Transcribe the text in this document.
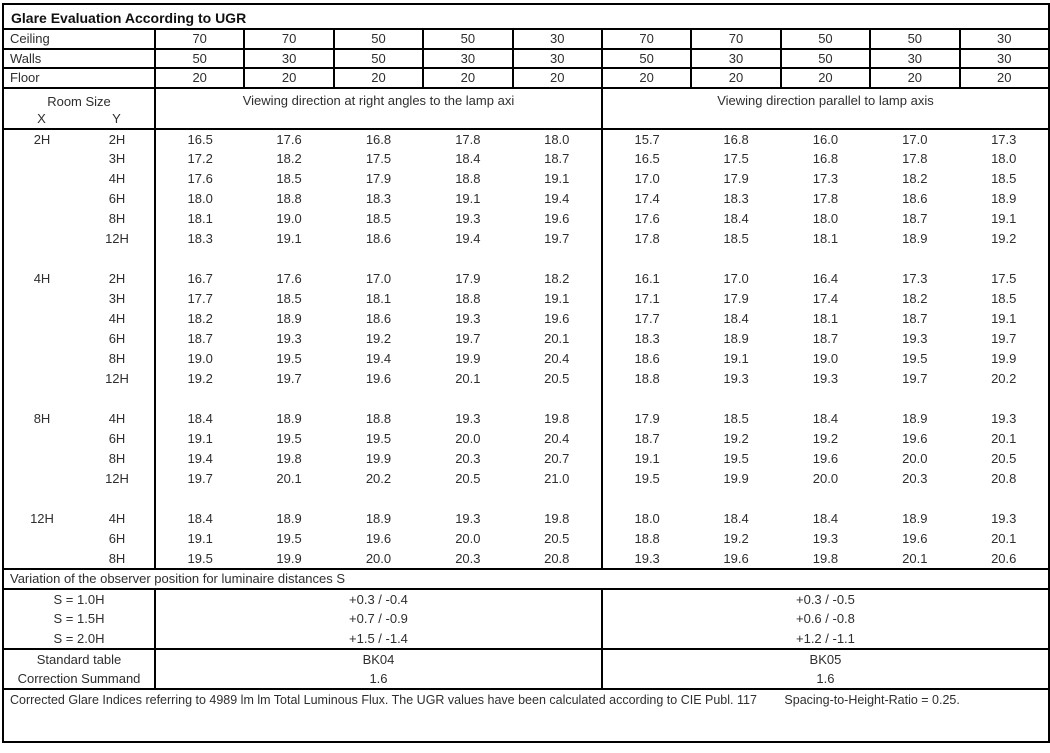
Glare Evaluation According to UGR											
Ceiling		70	70	50	50	30	70	70	50	50	30
Walls		50	30	50	30	30	50	30	50	30	30
Floor		20	20	20	20	20	20	20	20	20	20

Room Size
X Y		Viewing direction at right angles to the lamp axi					Viewing direction parallel to lamp axis				
2H	2H	16.5	17.6	16.8	17.8	18.0	15.7	16.8	16.0	17.0	17.3
	3H	17.2	18.2	17.5	18.4	18.7	16.5	17.5	16.8	17.8	18.0
	4H	17.6	18.5	17.9	18.8	19.1	17.0	17.9	17.3	18.2	18.5
	6H	18.0	18.8	18.3	19.1	19.4	17.4	18.3	17.8	18.6	18.9
	8H	18.1	19.0	18.5	19.3	19.6	17.6	18.4	18.0	18.7	19.1
	12H	18.3	19.1	18.6	19.4	19.7	17.8	18.5	18.1	18.9	19.2

4H	2H	16.7	17.6	17.0	17.9	18.2	16.1	17.0	16.4	17.3	17.5
	3H	17.7	18.5	18.1	18.8	19.1	17.1	17.9	17.4	18.2	18.5
	4H	18.2	18.9	18.6	19.3	19.6	17.7	18.4	18.1	18.7	19.1
	6H	18.7	19.3	19.2	19.7	20.1	18.3	18.9	18.7	19.3	19.7
	8H	19.0	19.5	19.4	19.9	20.4	18.6	19.1	19.0	19.5	19.9
	12H	19.2	19.7	19.6	20.1	20.5	18.8	19.3	19.3	19.7	20.2

8H	4H	18.4	18.9	18.8	19.3	19.8	17.9	18.5	18.4	18.9	19.3
	6H	19.1	19.5	19.5	20.0	20.4	18.7	19.2	19.2	19.6	20.1
	8H	19.4	19.8	19.9	20.3	20.7	19.1	19.5	19.6	20.0	20.5
	12H	19.7	20.1	20.2	20.5	21.0	19.5	19.9	20.0	20.3	20.8

12H	4H	18.4	18.9	18.9	19.3	19.8	18.0	18.4	18.4	18.9	19.3
	6H	19.1	19.5	19.6	20.0	20.5	18.8	19.2	19.3	19.6	20.1
	8H	19.5	19.9	20.0	20.3	20.8	19.3	19.6	19.8	20.1	20.6
Variation of the observer position for luminaire distances S											
S = 1.0H		+0.3 / -0.4					+0.3 / -0.5				
S = 1.5H		+0.7 / -0.9					+0.6 / -0.8				
S = 2.0H		+1.5 / -1.4					+1.2 / -1.1				
Standard table		BK04					BK05				
Correction Summand		1.6					1.6				
Corrected Glare Indices referring to 4989 lm lm Total Luminous Flux. The UGR values have been calculated according to CIE Publ. 117 Spacing-to-Height-Ratio = 0.25.											
